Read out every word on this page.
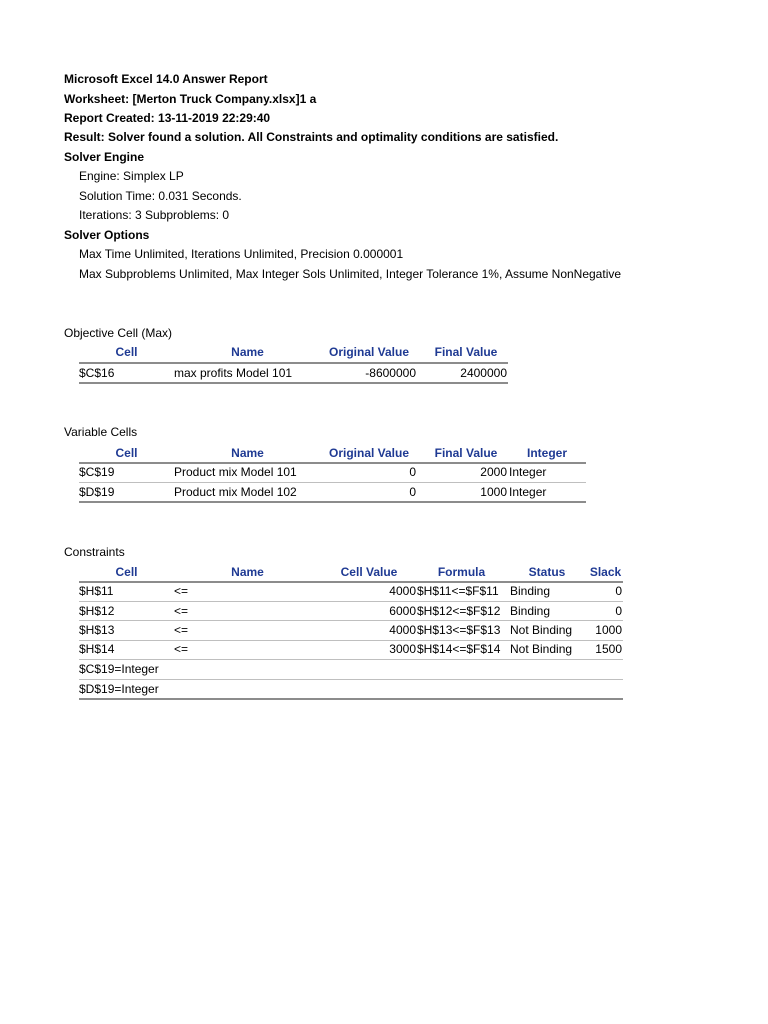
Microsoft Excel 14.0 Answer Report
Worksheet: [Merton Truck Company.xlsx]1 a
Report Created: 13-11-2019 22:29:40
Result: Solver found a solution. All Constraints and optimality conditions are satisfied.
Solver Engine
Engine: Simplex LP
Solution Time: 0.031 Seconds.
Iterations: 3 Subproblems: 0
Solver Options
Max Time Unlimited, Iterations Unlimited, Precision 0.000001
Max Subproblems Unlimited, Max Integer Sols Unlimited, Integer Tolerance 1%, Assume NonNegative
Objective Cell (Max)
Cell	Name	Original Value	Final Value
$C$16	max profits Model 101	-8600000	2400000
Variable Cells
Cell	Name	Original Value	Final Value	Integer
$C$19	Product mix Model 101	0	2000 Integer
$D$19	Product mix Model 102	0	1000 Integer
Constraints
Cell	Name	Cell Value	Formula	Status	Slack
$H$11	<=	4000 $H$11<=$F$11 Binding	0
$H$12	<=	6000 $H$12<=$F$12 Binding	0
$H$13	<=	4000 $H$13<=$F$13 Not Binding	1000
$H$14	<=	3000 $H$14<=$F$14 Not Binding	1500
$C$19=Integer
$D$19=Integer
